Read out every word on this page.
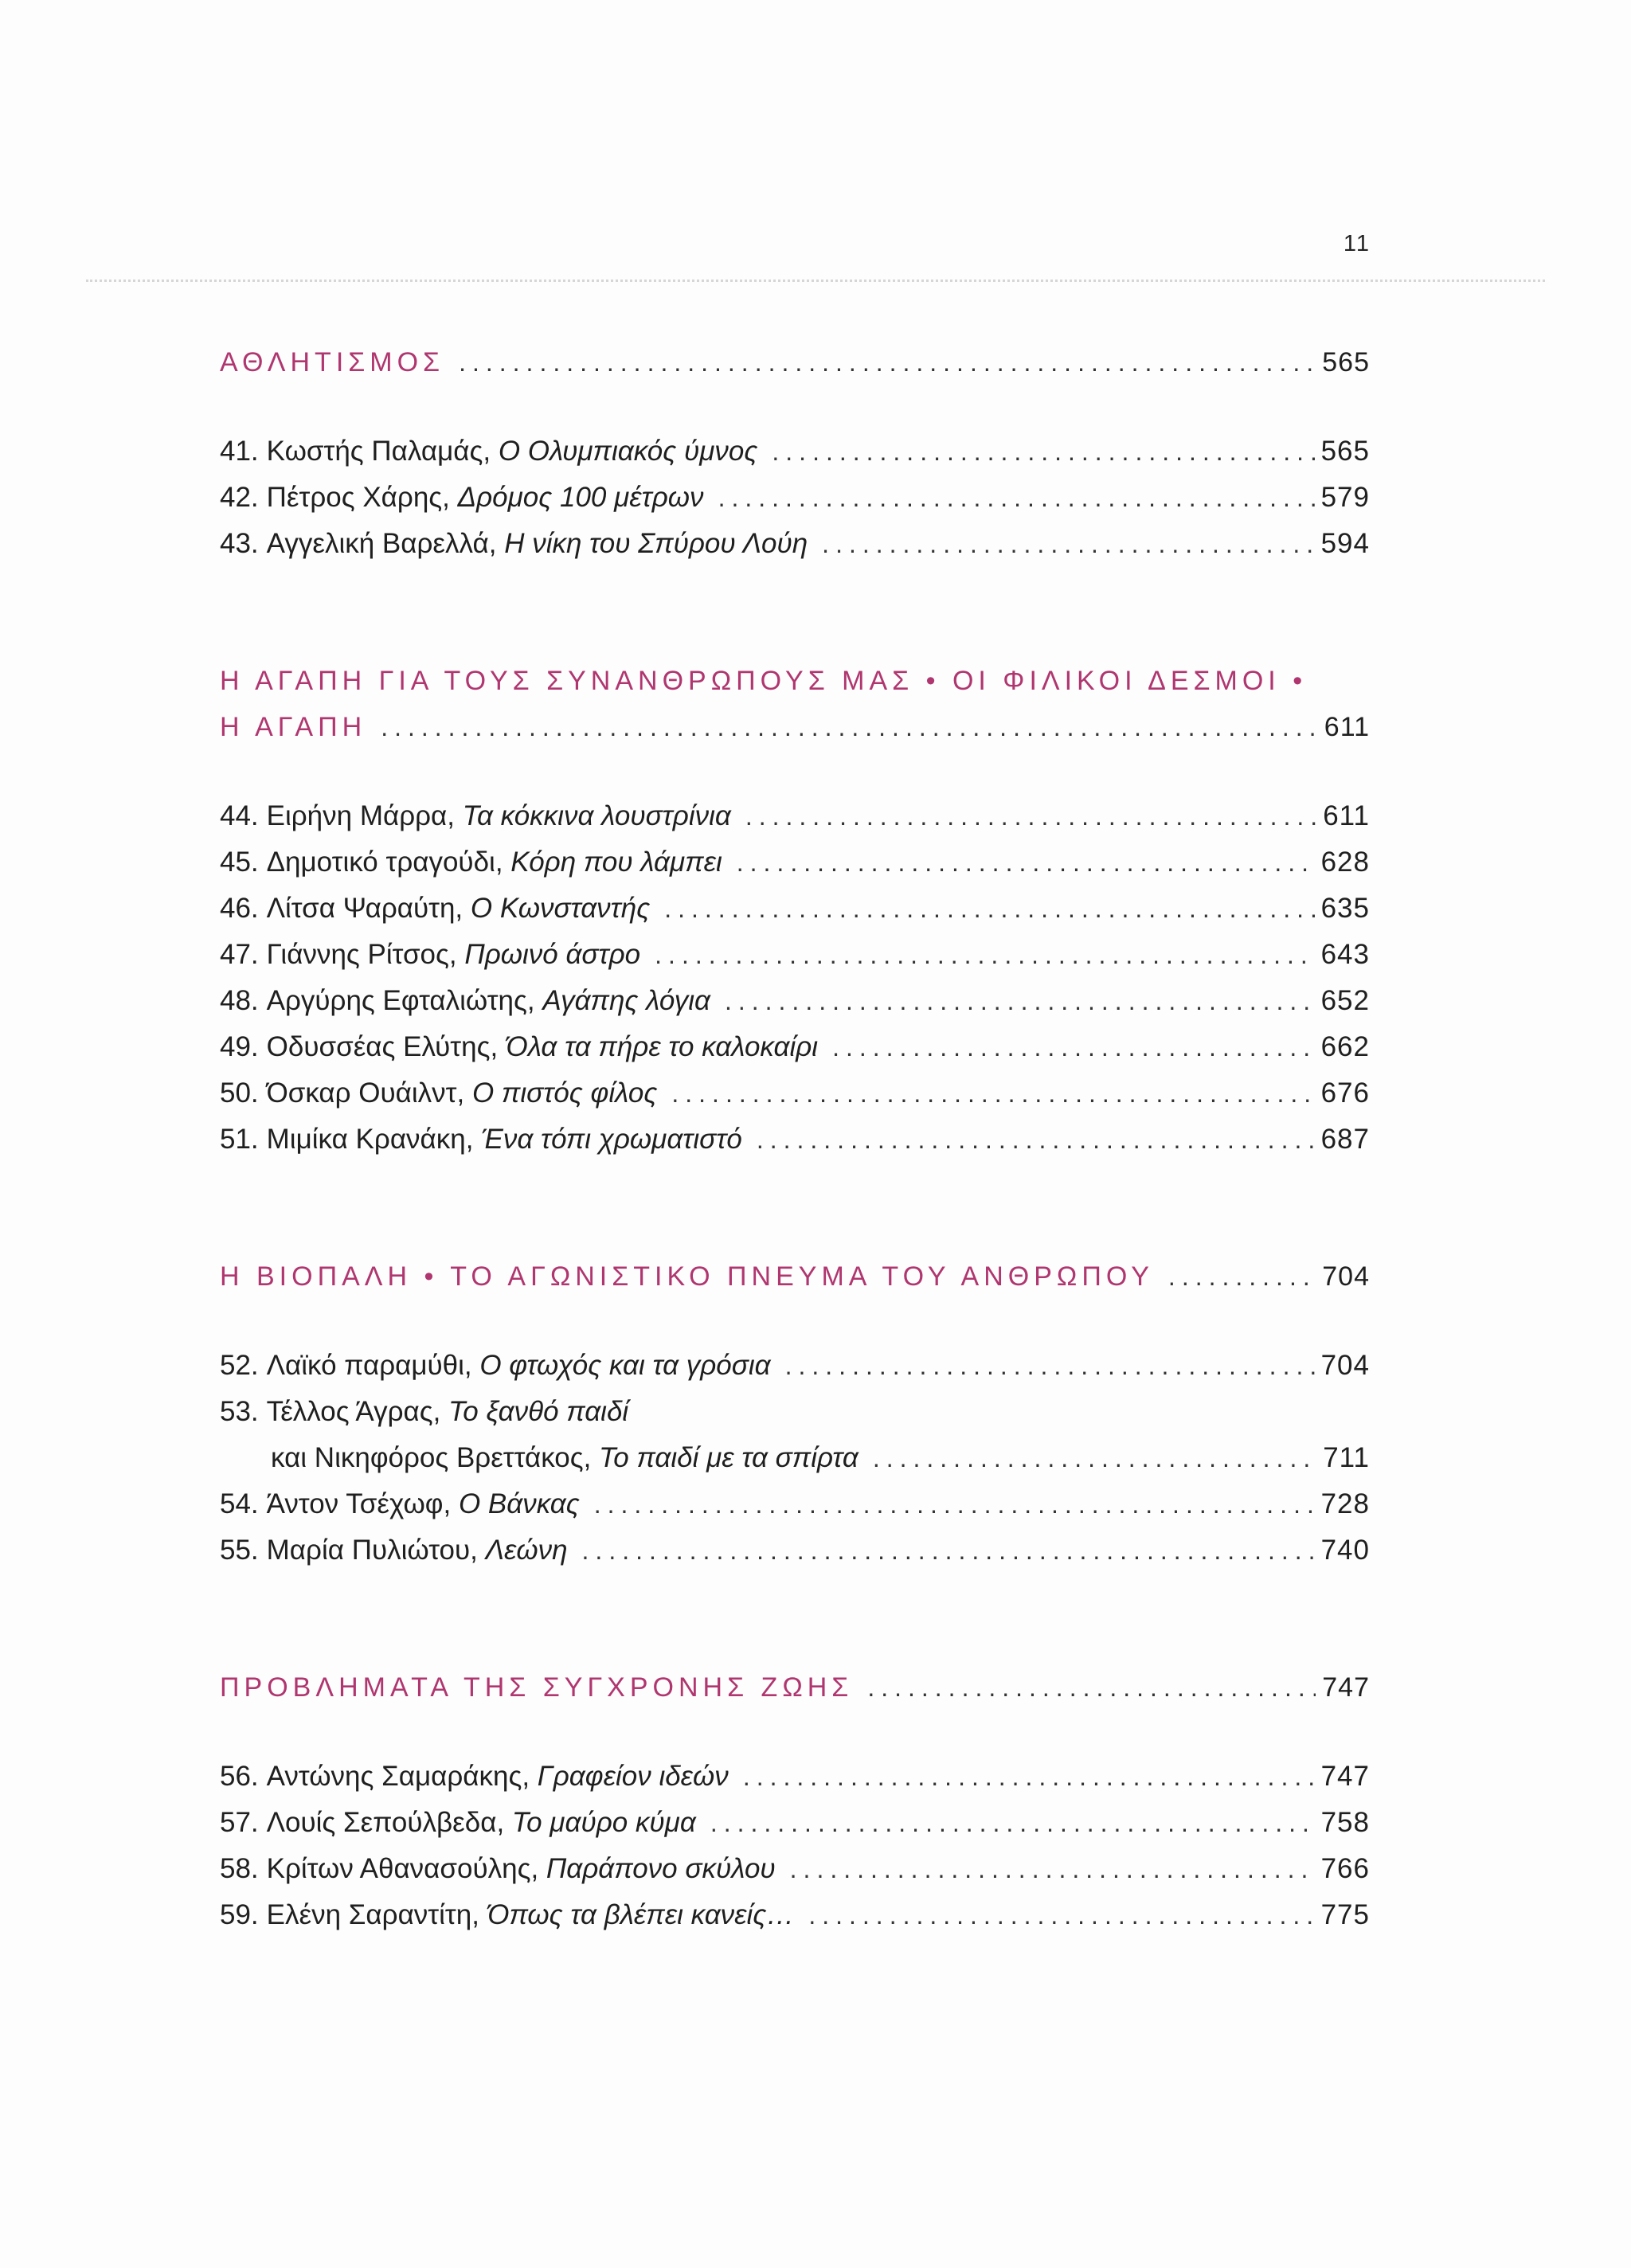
11
ΑΘΛΗΤΙΣΜΟΣ .....	565
41. Κωστής Παλαμάς, Ο Ολυμπιακός ύμνος .....	565
42. Πέτρος Χάρης, Δρόμος 100 μέτρων .....	579
43. Αγγελική Βαρελλά, Η νίκη του Σπύρου Λούη .....	594
Η ΑΓΑΠΗ ΓΙΑ ΤΟΥΣ ΣΥΝΑΝΘΡΩΠΟΥΣ ΜΑΣ • ΟΙ ΦΙΛΙΚΟΙ ΔΕΣΜΟΙ •
Η ΑΓΑΠΗ .....	611
44. Ειρήνη Μάρρα, Τα κόκκινα λουστρίνια .....	611
45. Δημοτικό τραγούδι, Κόρη που λάμπει .....	628
46. Λίτσα Ψαραύτη, Ο Κωνσταντής .....	635
47. Γιάννης Ρίτσος, Πρωινό άστρο .....	643
48. Αργύρης Εφταλιώτης, Αγάπης λόγια .....	652
49. Οδυσσέας Ελύτης, Όλα τα πήρε το καλοκαίρι .....	662
50. Όσκαρ Ουάιλντ, Ο πιστός φίλος .....	676
51. Μιμίκα Κρανάκη, Ένα τόπι χρωματιστό .....	687
Η ΒΙΟΠΑΛΗ • ΤΟ ΑΓΩΝΙΣΤΙΚΟ ΠΝΕΥΜΑ ΤΟΥ ΑΝΘΡΩΠΟΥ .....	704
52. Λαϊκό παραμύθι, Ο φτωχός και τα γρόσια .....	704
53. Τέλλος Άγρας, Το ξανθό παιδί
και Νικηφόρος Βρεττάκος, Το παιδί με τα σπίρτα .....	711
54. Άντον Τσέχωφ, Ο Βάνκας .....	728
55. Μαρία Πυλιώτου, Λεώνη .....	740
ΠΡΟΒΛΗΜΑΤΑ ΤΗΣ ΣΥΓΧΡΟΝΗΣ ΖΩΗΣ .....	747
56. Αντώνης Σαμαράκης, Γραφείον ιδεών .....	747
57. Λουίς Σεπούλβεδα, Το μαύρο κύμα .....	758
58. Κρίτων Αθανασούλης, Παράπονο σκύλου .....	766
59. Ελένη Σαραντίτη, Όπως τα βλέπει κανείς… .....	775
